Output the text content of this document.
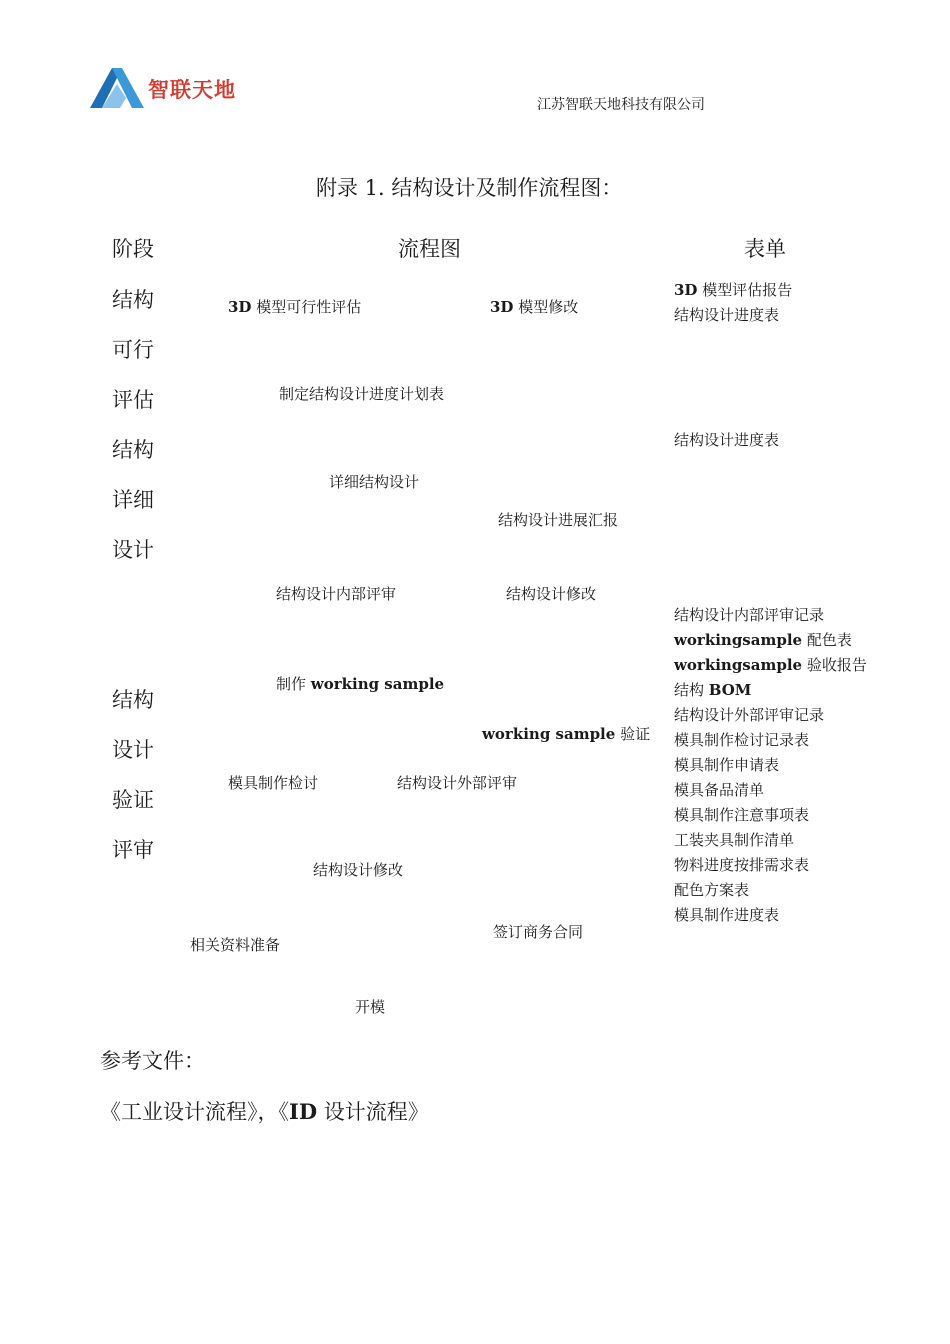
智联天地
江苏智联天地科技有限公司
附录 1. 结构设计及制作流程图：
阶段	流程图	表单
结构
可行
评估
结构
详细
设计
结构
设计
验证
评审
3D 模型可行性评估	3D 模型修改
制定结构设计进度计划表
详细结构设计
结构设计进展汇报
结构设计内部评审	结构设计修改
制作 working sample
working sample 验证
模具制作检讨	结构设计外部评审
结构设计修改
签订商务合同
相关资料准备
开模
3D 模型评估报告
结构设计进度表
结构设计进度表
结构设计内部评审记录
workingsample 配色表
workingsample 验收报告
结构 BOM
结构设计外部评审记录
模具制作检讨记录表
模具制作申请表
模具备品清单
模具制作注意事项表
工装夹具制作清单
物料进度按排需求表
配色方案表
模具制作进度表
参考文件：
《工业设计流程》，《ID 设计流程》
